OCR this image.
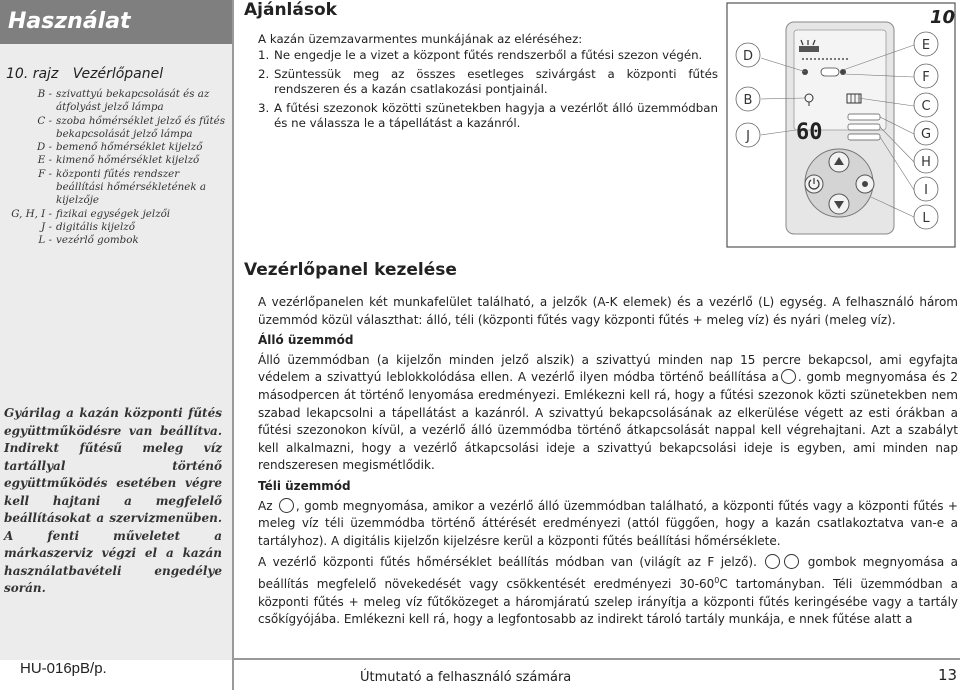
Használat
10. rajz Vezérlőpanel
B - szivattyú bekapcsolását és az átfolyást jelző lámpa
C - szoba hőmérséklet jelző és fűtés bekapcsolását jelző lámpa
D - bemenő hőmérséklet kijelző
E - kimenő hőmérséklet kijelző
F - központi fűtés rendszer beállítási hőmérsékletének a kijelzője
G, H, I - fizikai egységek jelzői
J - digitális kijelző
L - vezérlő gombok
Gyárilag a kazán központi fűtés együttműködésre van beállítva. Indirekt fűtésű meleg víz tartállyal történő együttműködés esetében végre kell hajtani a megfelelő beállításokat a szervizmenüben. A fenti műveletet a márkaszerviz végzi el a kazán használatbavételi engedélye során.
HU-016pB/p.
Ajánlások
A kazán üzemzavarmentes munkájának az eléréséhez:
1. Ne engedje le a vizet a központ fűtés rendszerből a fűtési szezon végén.
2. Szüntessük meg az összes esetleges szivárgást a központi fűtés rendszeren és a kazán csatlakozási pontjainál.
3. A fűtési szezonok közötti szünetekben hagyja a vezérlőt álló üzemmódban és ne válassza le a tápellátást a kazánról.
10
60
D
B
J
E
F
C
G
H
I
L
Vezérlőpanel kezelése

A vezérlőpanelen két munkafelület található, a jelzők (A-K elemek) és a vezérlő (L) egység. A felhasználó három üzemmód közül választhat: álló, téli (központi fűtés vagy központi fűtés + meleg víz) és nyári (meleg víz).

Álló üzemmód

Álló üzemmódban (a kijelzőn minden jelző alszik) a szivattyú minden nap 15 percre bekapcsol, ami egyfajta védelem a szivattyú leblokkolódása ellen. A vezérlő ilyen módba történő beállítása a . gomb megnyomása és 2 másodpercen át történő lenyomása eredményezi. Emlékezni kell rá, hogy a fűtési szezonok közti szünetekben nem szabad lekapcsolni a tápellátást a kazánról. A szivattyú bekapcsolásának az elkerülése végett az esti órákban a fűtési szezonokon kívül, a vezérlő álló üzemmódba történő átkapcsolását nappal kell végrehajtani. Azt a szabályt kell alkalmazni, hogy a vezérlő átkapcsolási ideje a szivattyú bekapcsolási ideje is egyben, ami minden nap rendszeresen megismétlődik.

Téli üzemmód

Az , gomb megnyomása, amikor a vezérlő álló üzemmódban található, a központi fűtés vagy a központi fűtés + meleg víz téli üzemmódba történő áttérését eredményezi (attól függően, hogy a kazán csatlakoztatva van-e a tartályhoz). A digitális kijelzőn kijelzésre kerül a központi fűtés beállítási hőmérséklete.

A vezérlő központi fűtés hőmérséklet beállítás módban van (világít az F jelző).	gombok megnyomása a beállítás megfelelő növekedését vagy csökkentését eredményezi $30-60^0C$ tartományban. Téli üzemmódban a központi fűtés + meleg víz fűtőközeget a háromjáratú szelep irányítja a központi fűtés keringésébe vagy a tartály csőkígyójába. Emlékezni kell rá, hogy a legfontosabb az indirekt tároló tartály munkája, e nnek fűtése alatt a

Útmutató a felhasználó számára	13
